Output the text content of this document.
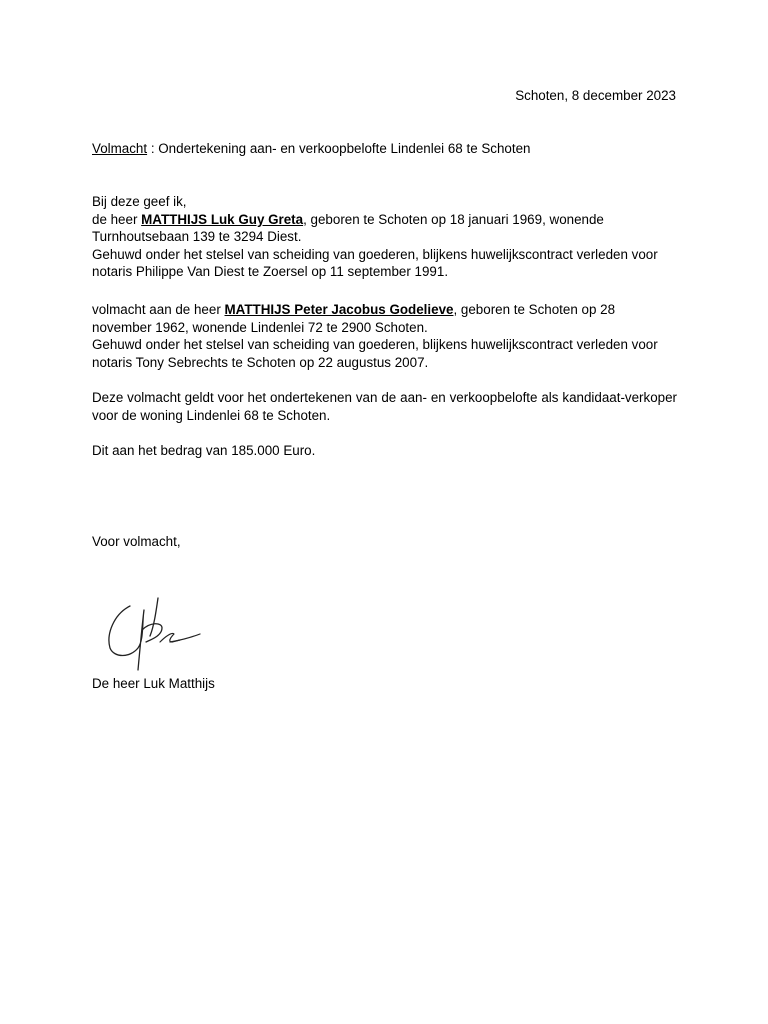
Schoten, 8 december 2023
Volmacht : Ondertekening aan- en verkoopbelofte Lindenlei 68 te Schoten

Bij deze geef ik,

de heer MATTHIJS Luk Guy Greta, geboren te Schoten op 18 januari 1969, wonende Turnhoutsebaan 139 te 3294 Diest.

Gehuwd onder het stelsel van scheiding van goederen, blijkens huwelijkscontract verleden voor notaris Philippe Van Diest te Zoersel op 11 september 1991.

volmacht aan de heer MATTHIJS Peter Jacobus Godelieve, geboren te Schoten op 28 november 1962, wonende Lindenlei 72 te 2900 Schoten.

Gehuwd onder het stelsel van scheiding van goederen, blijkens huwelijkscontract verleden voor notaris Tony Sebrechts te Schoten op 22 augustus 2007.

Deze volmacht geldt voor het ondertekenen van de aan- en verkoopbelofte als kandidaat-verkoper voor de woning Lindenlei 68 te Schoten.

Dit aan het bedrag van 185.000 Euro.

Voor volmacht,
De heer Luk Matthijs
